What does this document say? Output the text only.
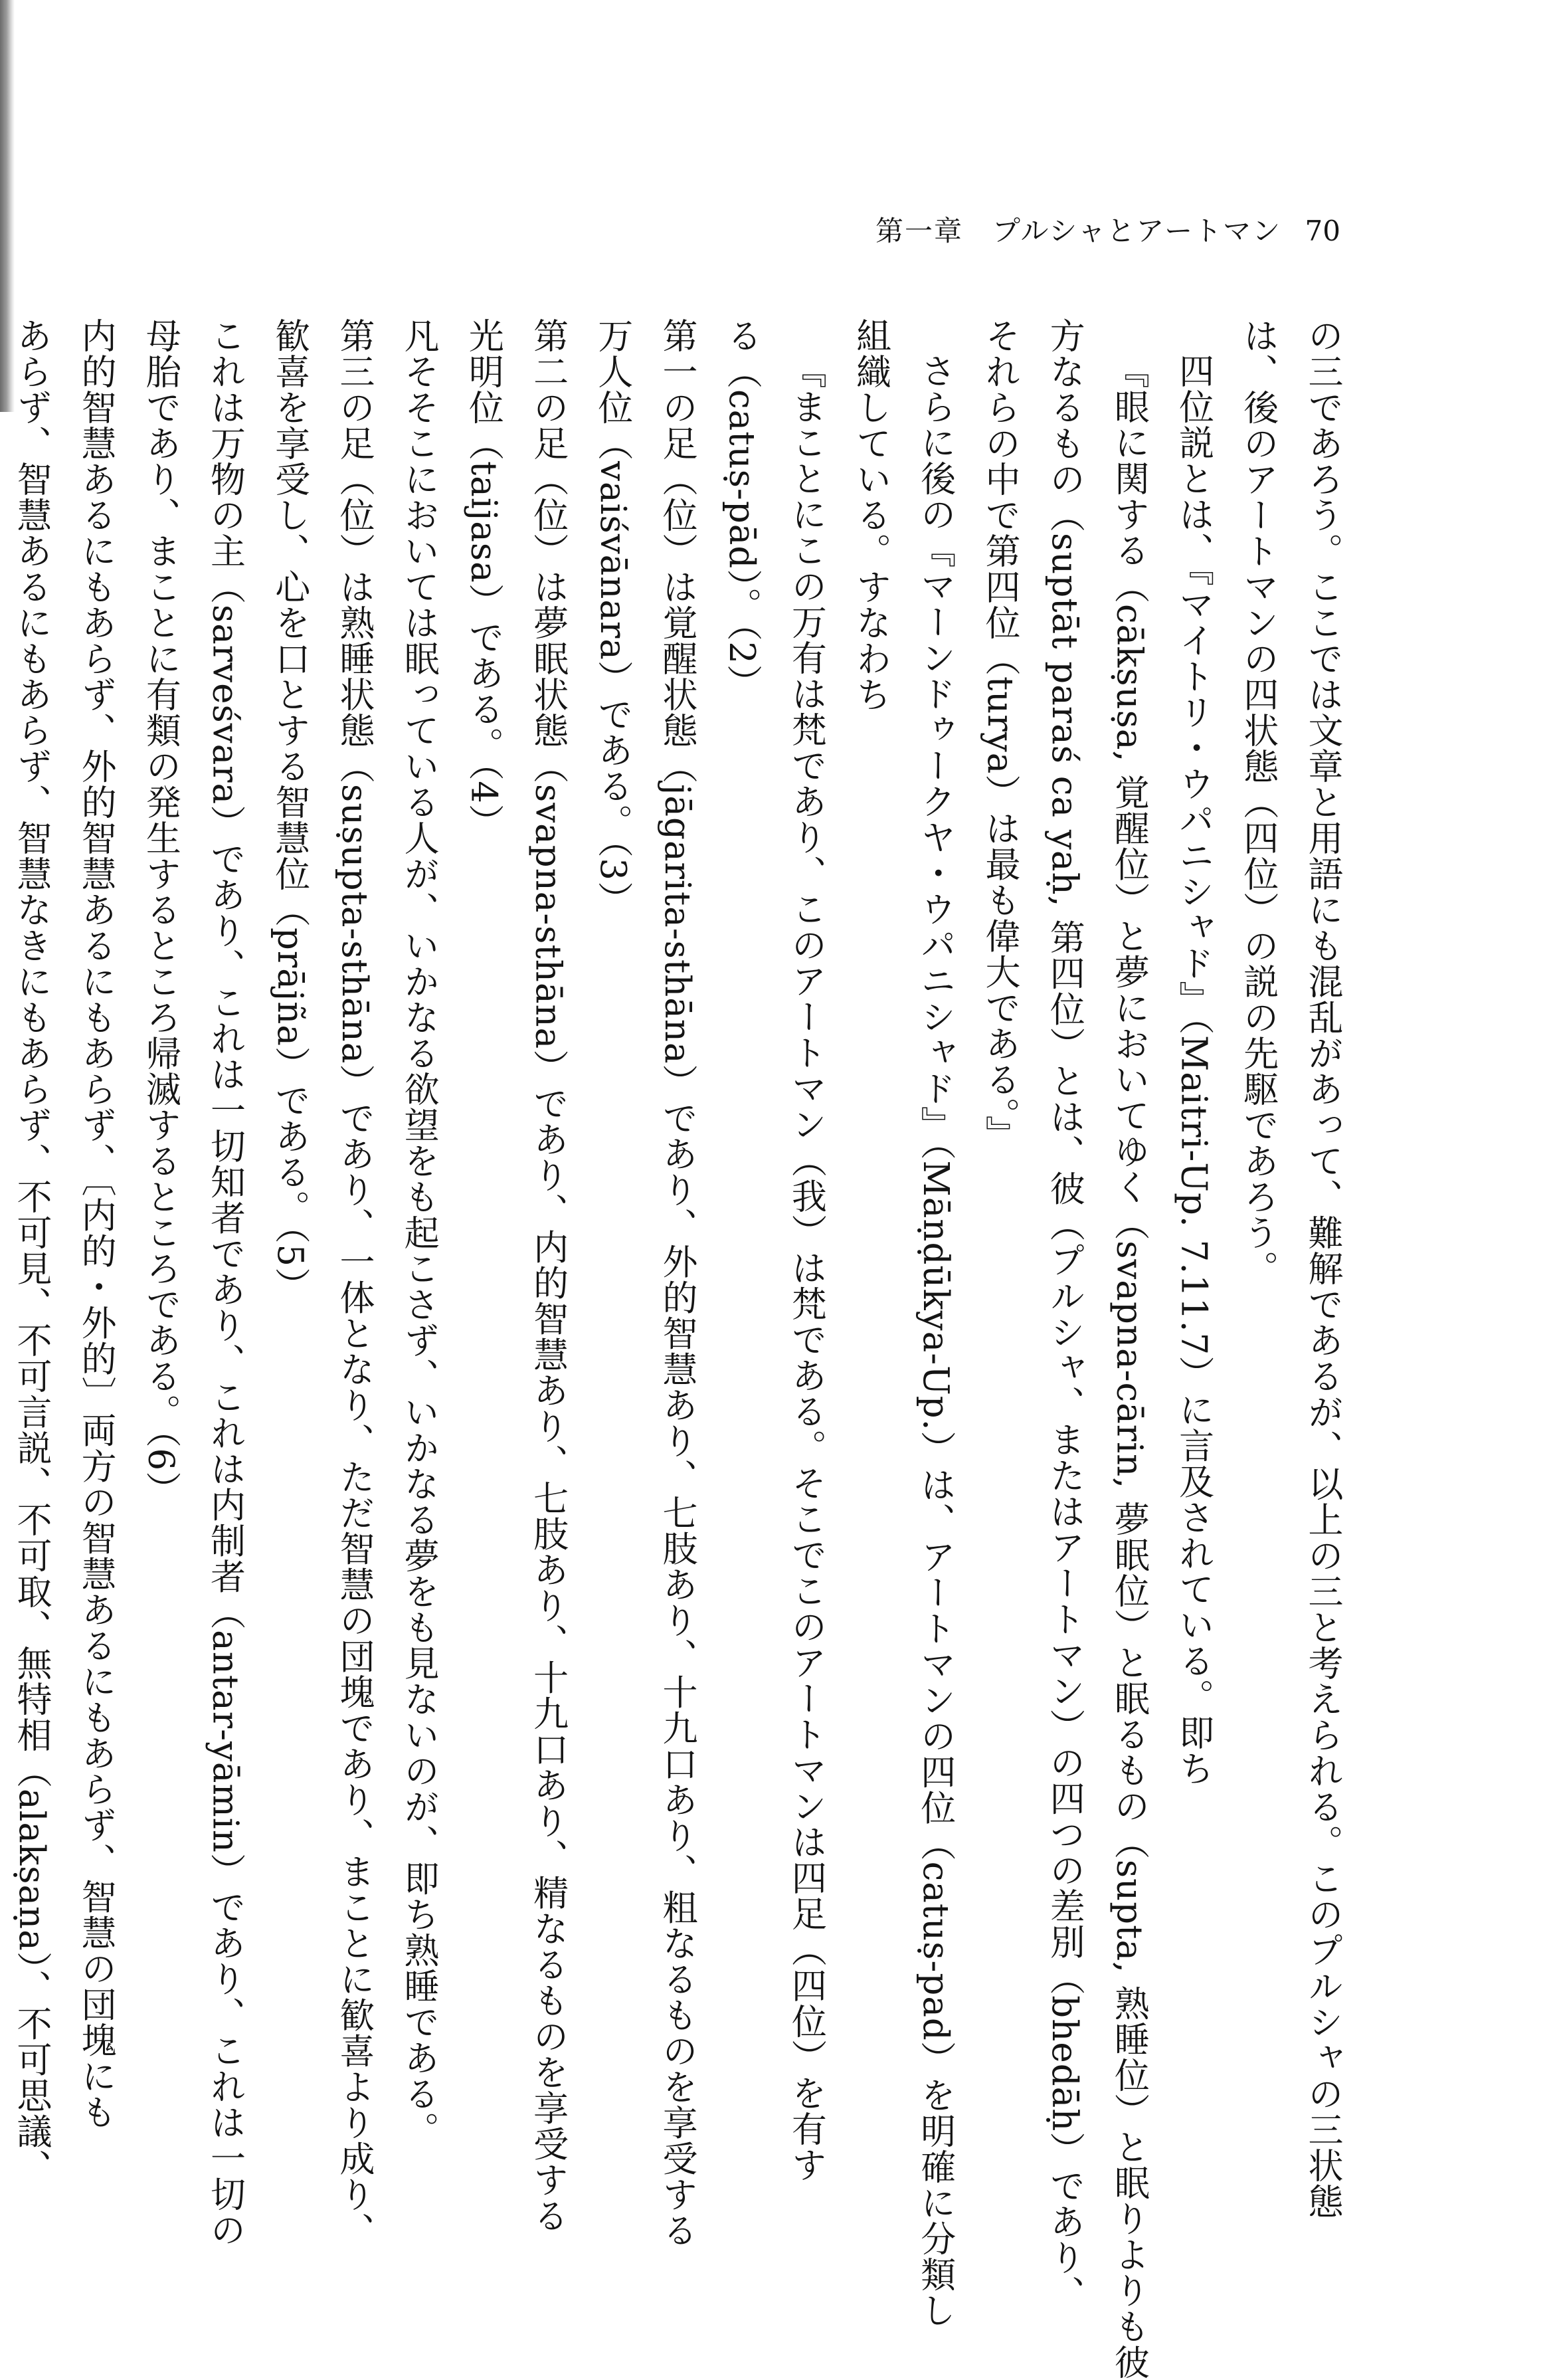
第一章　プルシャとアートマン 70
の三であろう。ここでは文章と用語にも混乱があって、難解であるが、以上の三と考えられる。このプルシャの三状態
は、後のアートマンの四状態（四位）の説の先駆であろう。
四位説とは、『マイトリ・ウパニシャド』（Maitri-Up. 7.11.7）に言及されている。即ち
『眼に関する（cākṣuṣa, 覚醒位）と夢においてゆく（svapna-cārin, 夢眠位）と眠るもの（supta, 熟睡位）と眠りよりも彼
方なるもの（suptāt paraś ca yaḥ, 第四位）とは、彼（プルシャ、またはアートマン）の四つの差別（bhedāḥ）であり、
それらの中で第四位（turya）は最も偉大である。』
さらに後の『マーンドゥークヤ・ウパニシャド』（Māṇḍūkya-Up.）は、アートマンの四位（catuṣ-pad）を明確に分類し
組織している。すなわち
『まことにこの万有は梵であり、このアートマン（我）は梵である。そこでこのアートマンは四足（四位）を有す
る（catuṣ-pād）。（2）
第一の足（位）は覚醒状態（jāgarita-sthāna）であり、外的智慧あり、七肢あり、十九口あり、粗なるものを享受する
万人位（vaiśvānara）である。（3）
第二の足（位）は夢眠状態（svapna-sthāna）であり、内的智慧あり、七肢あり、十九口あり、精なるものを享受する
光明位（taijasa）である。（4）
凡そそこにおいては眠っている人が、いかなる欲望をも起こさず、いかなる夢をも見ないのが、即ち熟睡である。
第三の足（位）は熟睡状態（suṣupta-sthāna）であり、一体となり、ただ智慧の団塊であり、まことに歓喜より成り、
歓喜を享受し、心を口とする智慧位（prājña）である。（5）
これは万物の主（sarveśvara）であり、これは一切知者であり、これは内制者（antar-yāmin）であり、これは一切の
母胎であり、まことに有類の発生するところ帰滅するところである。（6）
内的智慧あるにもあらず、外的智慧あるにもあらず、〔内的・外的〕両方の智慧あるにもあらず、智慧の団塊にも
あらず、智慧あるにもあらず、智慧なきにもあらず、不可見、不可言説、不可取、無特相（alakṣaṇa）、不可思議、
